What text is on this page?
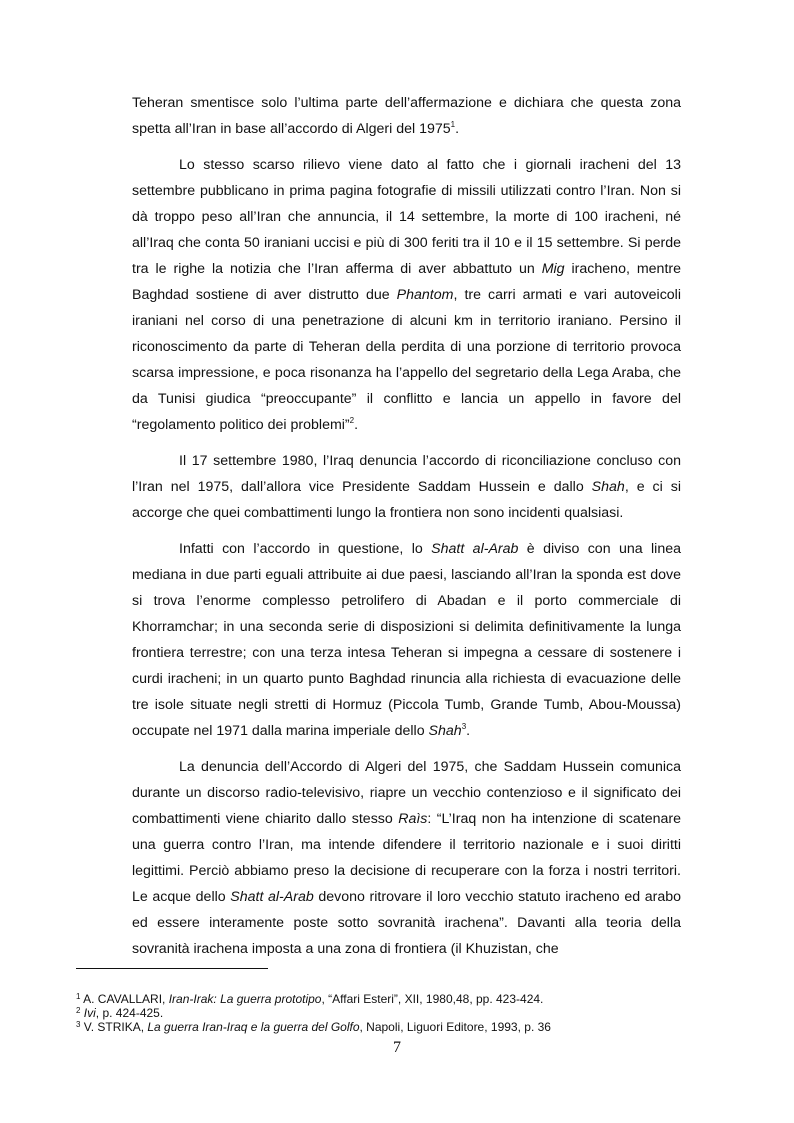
Teheran smentisce solo l’ultima parte dell’affermazione e dichiara che questa zona spetta all’Iran in base all’accordo di Algeri del 1975$^1$.

Lo stesso scarso rilievo viene dato al fatto che i giornali iracheni del 13 settembre pubblicano in prima pagina fotografie di missili utilizzati contro l’Iran. Non si dà troppo peso all’Iran che annuncia, il 14 settembre, la morte di 100 iracheni, né all’Iraq che conta 50 iraniani uccisi e più di 300 feriti tra il 10 e il 15 settembre. Si perde tra le righe la notizia che l’Iran afferma di aver abbattuto un Mig iracheno, mentre Baghdad sostiene di aver distrutto due Phantom, tre carri armati e vari autoveicoli iraniani nel corso di una penetrazione di alcuni km in territorio iraniano. Persino il riconoscimento da parte di Teheran della perdita di una porzione di territorio provoca scarsa impressione, e poca risonanza ha l’appello del segretario della Lega Araba, che da Tunisi giudica “preoccupante” il conflitto e lancia un appello in favore del “regolamento politico dei problemi”$^2$.

Il 17 settembre 1980, l’Iraq denuncia l’accordo di riconciliazione concluso con l’Iran nel 1975, dall’allora vice Presidente Saddam Hussein e dallo Shah, e ci si accorge che quei combattimenti lungo la frontiera non sono incidenti qualsiasi.

Infatti con l’accordo in questione, lo Shatt al-Arab è diviso con una linea mediana in due parti eguali attribuite ai due paesi, lasciando all’Iran la sponda est dove si trova l’enorme complesso petrolifero di Abadan e il porto commerciale di Khorramchar; in una seconda serie di disposizioni si delimita definitivamente la lunga frontiera terrestre; con una terza intesa Teheran si impegna a cessare di sostenere i curdi iracheni; in un quarto punto Baghdad rinuncia alla richiesta di evacuazione delle tre isole situate negli stretti di Hormuz (Piccola Tumb, Grande Tumb, Abou-Moussa) occupate nel 1971 dalla marina imperiale dello Shah$^3$.

La denuncia dell’Accordo di Algeri del 1975, che Saddam Hussein comunica durante un discorso radio-televisivo, riapre un vecchio contenzioso e il significato dei combattimenti viene chiarito dallo stesso Raìs: “L’Iraq non ha intenzione di scatenare una guerra contro l’Iran, ma intende difendere il territorio nazionale e i suoi diritti legittimi. Perciò abbiamo preso la decisione di recuperare con la forza i nostri territori. Le acque dello Shatt al-Arab devono ritrovare il loro vecchio statuto iracheno ed arabo ed essere interamente poste sotto sovranità irachena”. Davanti alla teoria della sovranità irachena imposta a una zona di frontiera (il Khuzistan, che

$^1$ A. CAVALLARI, Iran-Irak: La guerra prototipo, “Affari Esteri”, XII, 1980,48, pp. 423-424.

$^2$ Ivi, p. 424-425.

$^3$ V. STRIKA, La guerra Iran-Iraq e la guerra del Golfo, Napoli, Liguori Editore, 1993, p. 36

7
